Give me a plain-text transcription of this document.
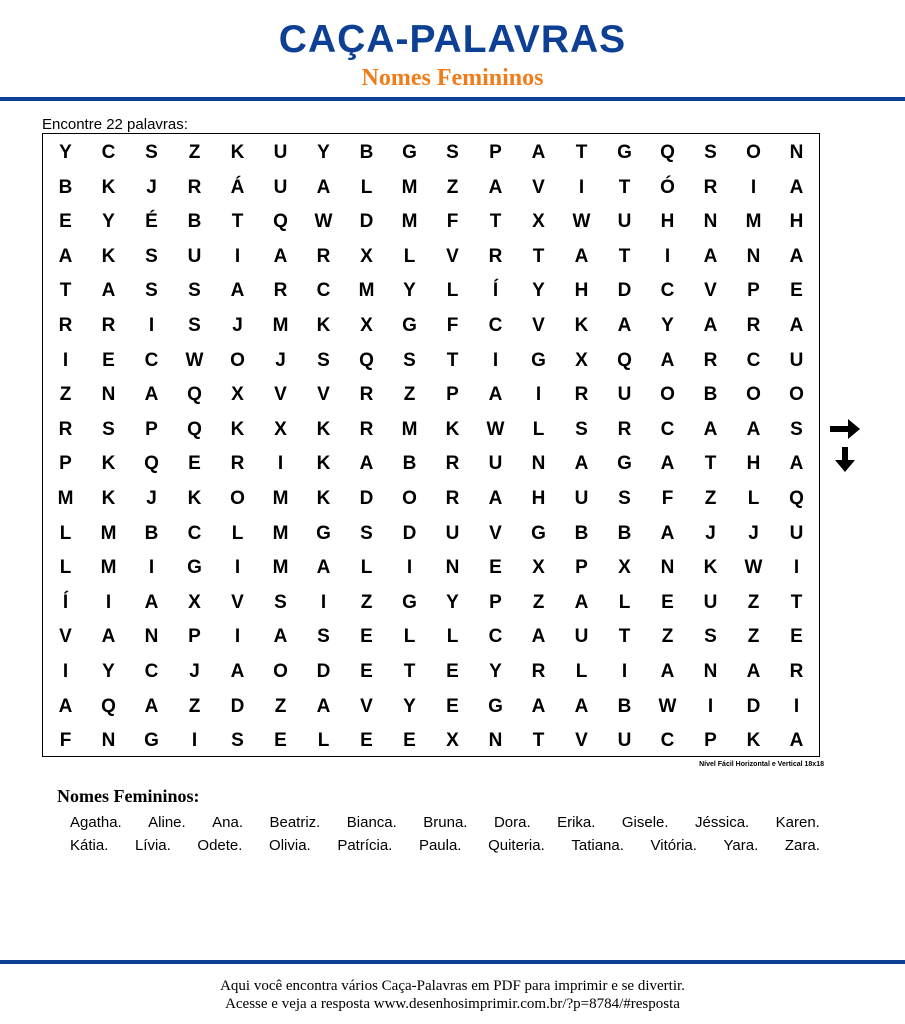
CAÇA-PALAVRAS
Nomes Femininos
Encontre 22 palavras:
Y	C	S	Z	K	U	Y	B	G	S	P	A	T	G	Q	S	O	N
B	K	J	R	Á	U	A	L	M	Z	A	V	I	T	Ó	R	I	A
E	Y	É	B	T	Q	W	D	M	F	T	X	W	U	H	N	M	H
A	K	S	U	I	A	R	X	L	V	R	T	A	T	I	A	N	A
T	A	S	S	A	R	C	M	Y	L	Í	Y	H	D	C	V	P	E
R	R	I	S	J	M	K	X	G	F	C	V	K	A	Y	A	R	A
I	E	C	W	O	J	S	Q	S	T	I	G	X	Q	A	R	C	U
Z	N	A	Q	X	V	V	R	Z	P	A	I	R	U	O	B	O	O
R	S	P	Q	K	X	K	R	M	K	W	L	S	R	C	A	A	S
P	K	Q	E	R	I	K	A	B	R	U	N	A	G	A	T	H	A
M	K	J	K	O	M	K	D	O	R	A	H	U	S	F	Z	L	Q
L	M	B	C	L	M	G	S	D	U	V	G	B	B	A	J	J	U
L	M	I	G	I	M	A	L	I	N	E	X	P	X	N	K	W	I
Í	I	A	X	V	S	I	Z	G	Y	P	Z	A	L	E	U	Z	T
V	A	N	P	I	A	S	E	L	L	C	A	U	T	Z	S	Z	E
I	Y	C	J	A	O	D	E	T	E	Y	R	L	I	A	N	A	R
A	Q	A	Z	D	Z	A	V	Y	E	G	A	A	B	W	I	D	I
F	N	G	I	S	E	L	E	E	X	N	T	V	U	C	P	K	A
Nível Fácil Horizontal e Vertical 18x18
Nomes Femininos:
Agatha. Aline. Ana. Beatriz. Bianca. Bruna. Dora. Erika. Gisele. Jéssica. Karen.
Kátia. Lívia. Odete. Olivia. Patrícia. Paula. Quiteria. Tatiana. Vitória. Yara. Zara.
Aqui você encontra vários Caça-Palavras em PDF para imprimir e se divertir.
Acesse e veja a resposta www.desenhosimprimir.com.br/?p=8784/#resposta
